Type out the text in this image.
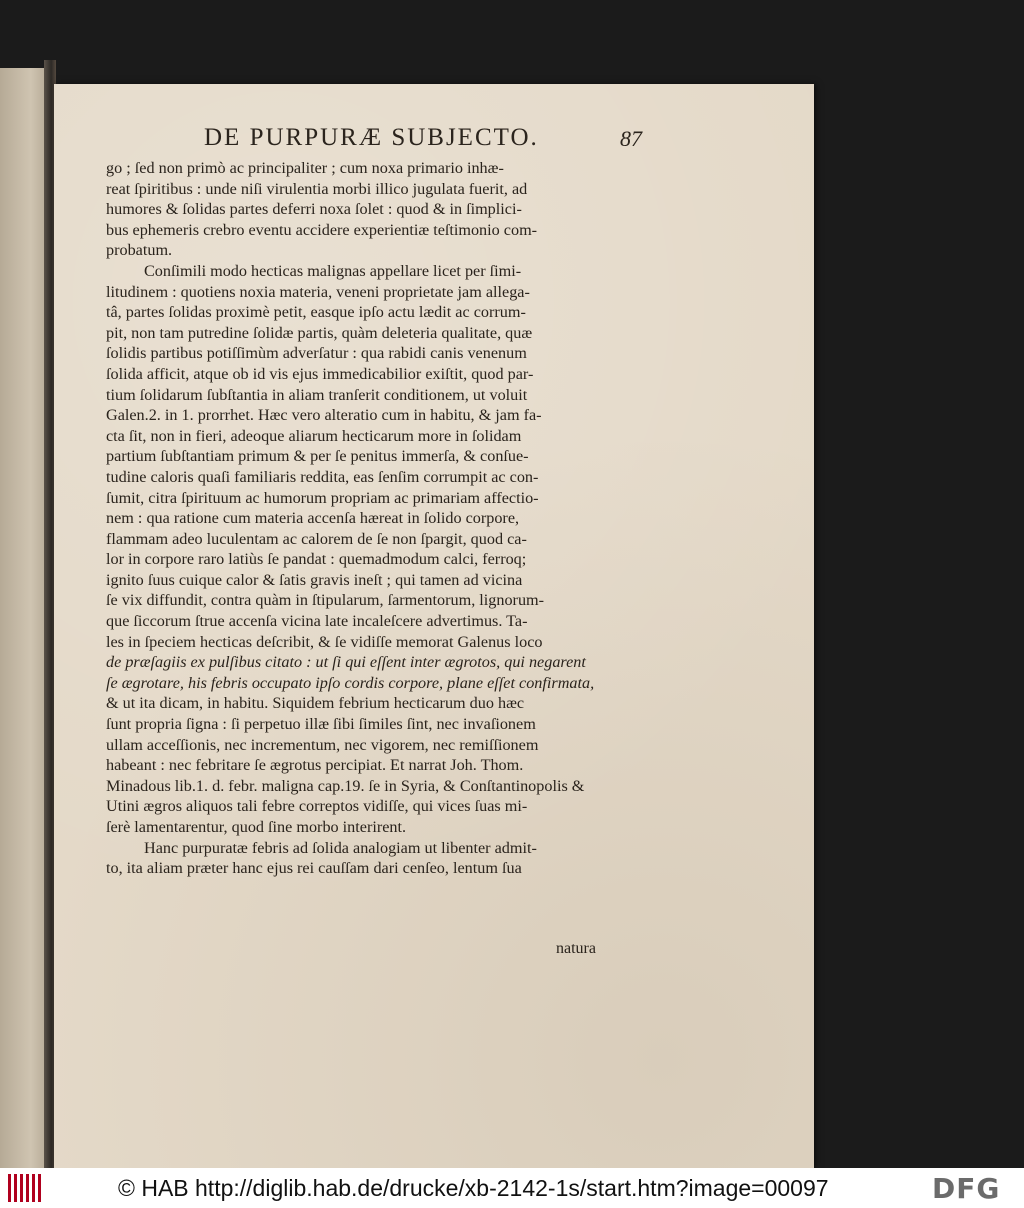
DE PURPURÆ SUBJECTO.	87
go ; ſed non primò ac principaliter ; cum noxa primario inhæ-
reat ſpiritibus : unde niſi virulentia morbi illico jugulata fuerit, ad
humores & ſolidas partes deferri noxa ſolet : quod & in ſimplici-
bus ephemeris crebro eventu accidere experientiæ teſtimonio com-
probatum.
Conſimili modo hecticas malignas appellare licet per ſimi-
litudinem : quotiens noxia materia, veneni proprietate jam allega-
tâ, partes ſolidas proximè petit, easque ipſo actu lædit ac corrum-
pit, non tam putredine ſolidæ partis, quàm deleteria qualitate, quæ
ſolidis partibus potiſſimùm adverſatur : qua rabidi canis venenum
ſolida afficit, atque ob id vis ejus immedicabilior exiſtit, quod par-
tium ſolidarum ſubſtantia in aliam tranſerit conditionem, ut voluit
Galen.2. in 1. prorrhet. Hæc vero alteratio cum in habitu, & jam fa-
cta ſit, non in fieri, adeoque aliarum hecticarum more in ſolidam
partium ſubſtantiam primum & per ſe penitus immerſa, & conſue-
tudine caloris quaſi familiaris reddita, eas ſenſim corrumpit ac con-
ſumit, citra ſpirituum ac humorum propriam ac primariam affectio-
nem : qua ratione cum materia accenſa hæreat in ſolido corpore,
flammam adeo luculentam ac calorem de ſe non ſpargit, quod ca-
lor in corpore raro latiùs ſe pandat : quemadmodum calci, ferroq;
ignito ſuus cuique calor & ſatis gravis ineſt ; qui tamen ad vicina
ſe vix diffundit, contra quàm in ſtipularum, ſarmentorum, lignorum-
que ſiccorum ſtrue accenſa vicina late incaleſcere advertimus. Ta-
les in ſpeciem hecticas deſcribit, & ſe vidiſſe memorat Galenus loco
de præſagiis ex pulſibus citato : ut ſi qui eſſent inter ægrotos, qui negarent
ſe ægrotare, his febris occupato ipſo cordis corpore, plane eſſet confirmata,
& ut ita dicam, in habitu. Siquidem febrium hecticarum duo hæc
ſunt propria ſigna : ſi perpetuo illæ ſibi ſimiles ſint, nec invaſionem
ullam acceſſionis, nec incrementum, nec vigorem, nec remiſſionem
habeant : nec febritare ſe ægrotus percipiat. Et narrat Joh. Thom.
Minadous lib.1. d. febr. maligna cap.19. ſe in Syria, & Conſtantinopolis &
Utini ægros aliquos tali febre correptos vidiſſe, qui vices ſuas mi-
ſerè lamentarentur, quod ſine morbo interirent.
Hanc purpuratæ febris ad ſolida analogiam ut libenter admit-
to, ita aliam præter hanc ejus rei cauſſam dari cenſeo, lentum ſua
natura
© HAB http://diglib.hab.de/drucke/xb-2142-1s/start.htm?image=00097	DFG
